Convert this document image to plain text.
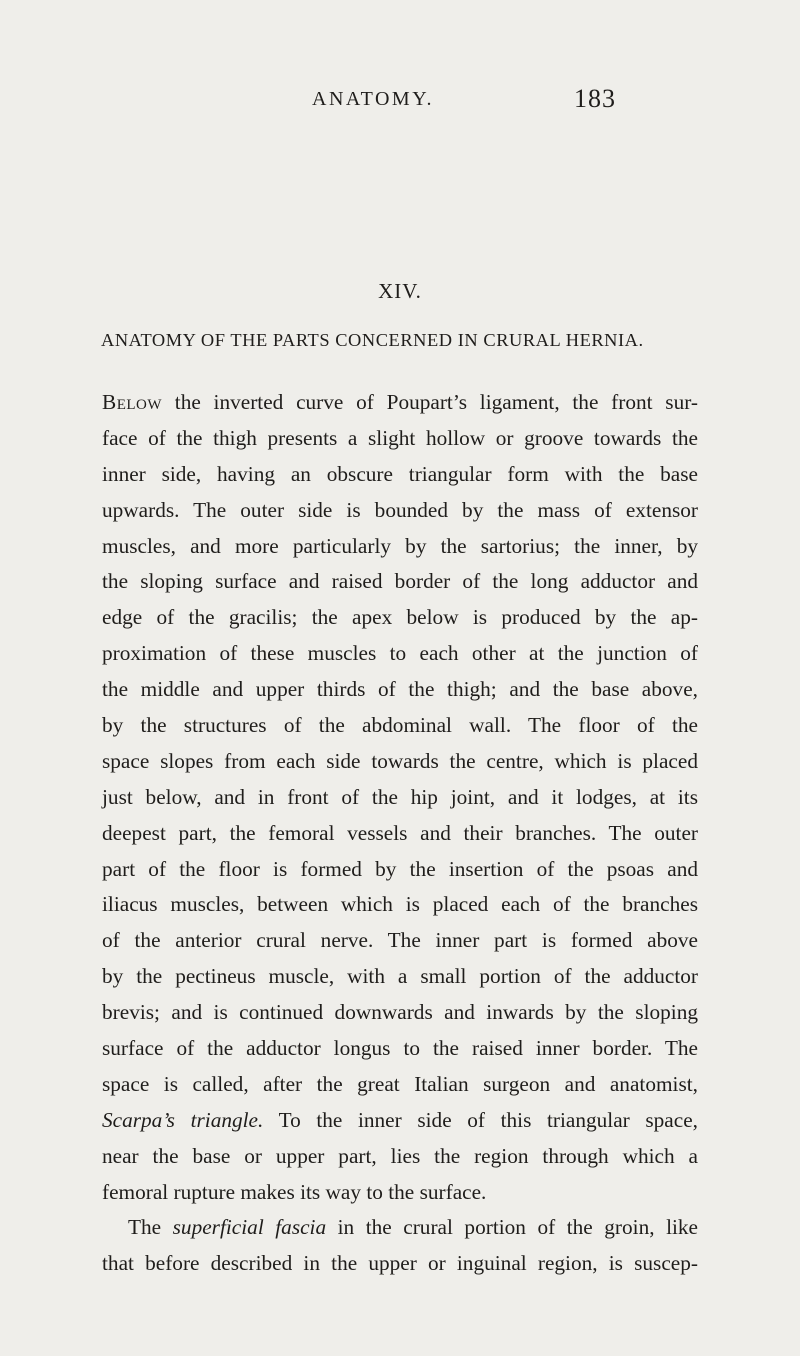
ANATOMY.	183
XIV.
ANATOMY OF THE PARTS CONCERNED IN CRURAL HERNIA.
Below the inverted curve of Poupart’s ligament, the front sur-
face of the thigh presents a slight hollow or groove towards the
inner side, having an obscure triangular form with the base
upwards. The outer side is bounded by the mass of extensor
muscles, and more particularly by the sartorius; the inner, by
the sloping surface and raised border of the long adductor and
edge of the gracilis; the apex below is produced by the ap-
proximation of these muscles to each other at the junction of
the middle and upper thirds of the thigh; and the base above,
by the structures of the abdominal wall. The floor of the
space slopes from each side towards the centre, which is placed
just below, and in front of the hip joint, and it lodges, at its
deepest part, the femoral vessels and their branches. The outer
part of the floor is formed by the insertion of the psoas and
iliacus muscles, between which is placed each of the branches
of the anterior crural nerve. The inner part is formed above
by the pectineus muscle, with a small portion of the adductor
brevis; and is continued downwards and inwards by the sloping
surface of the adductor longus to the raised inner border. The
space is called, after the great Italian surgeon and anatomist,
Scarpa’s triangle. To the inner side of this triangular space,
near the base or upper part, lies the region through which a
femoral rupture makes its way to the surface.
The superficial fascia in the crural portion of the groin, like
that before described in the upper or inguinal region, is suscep-
